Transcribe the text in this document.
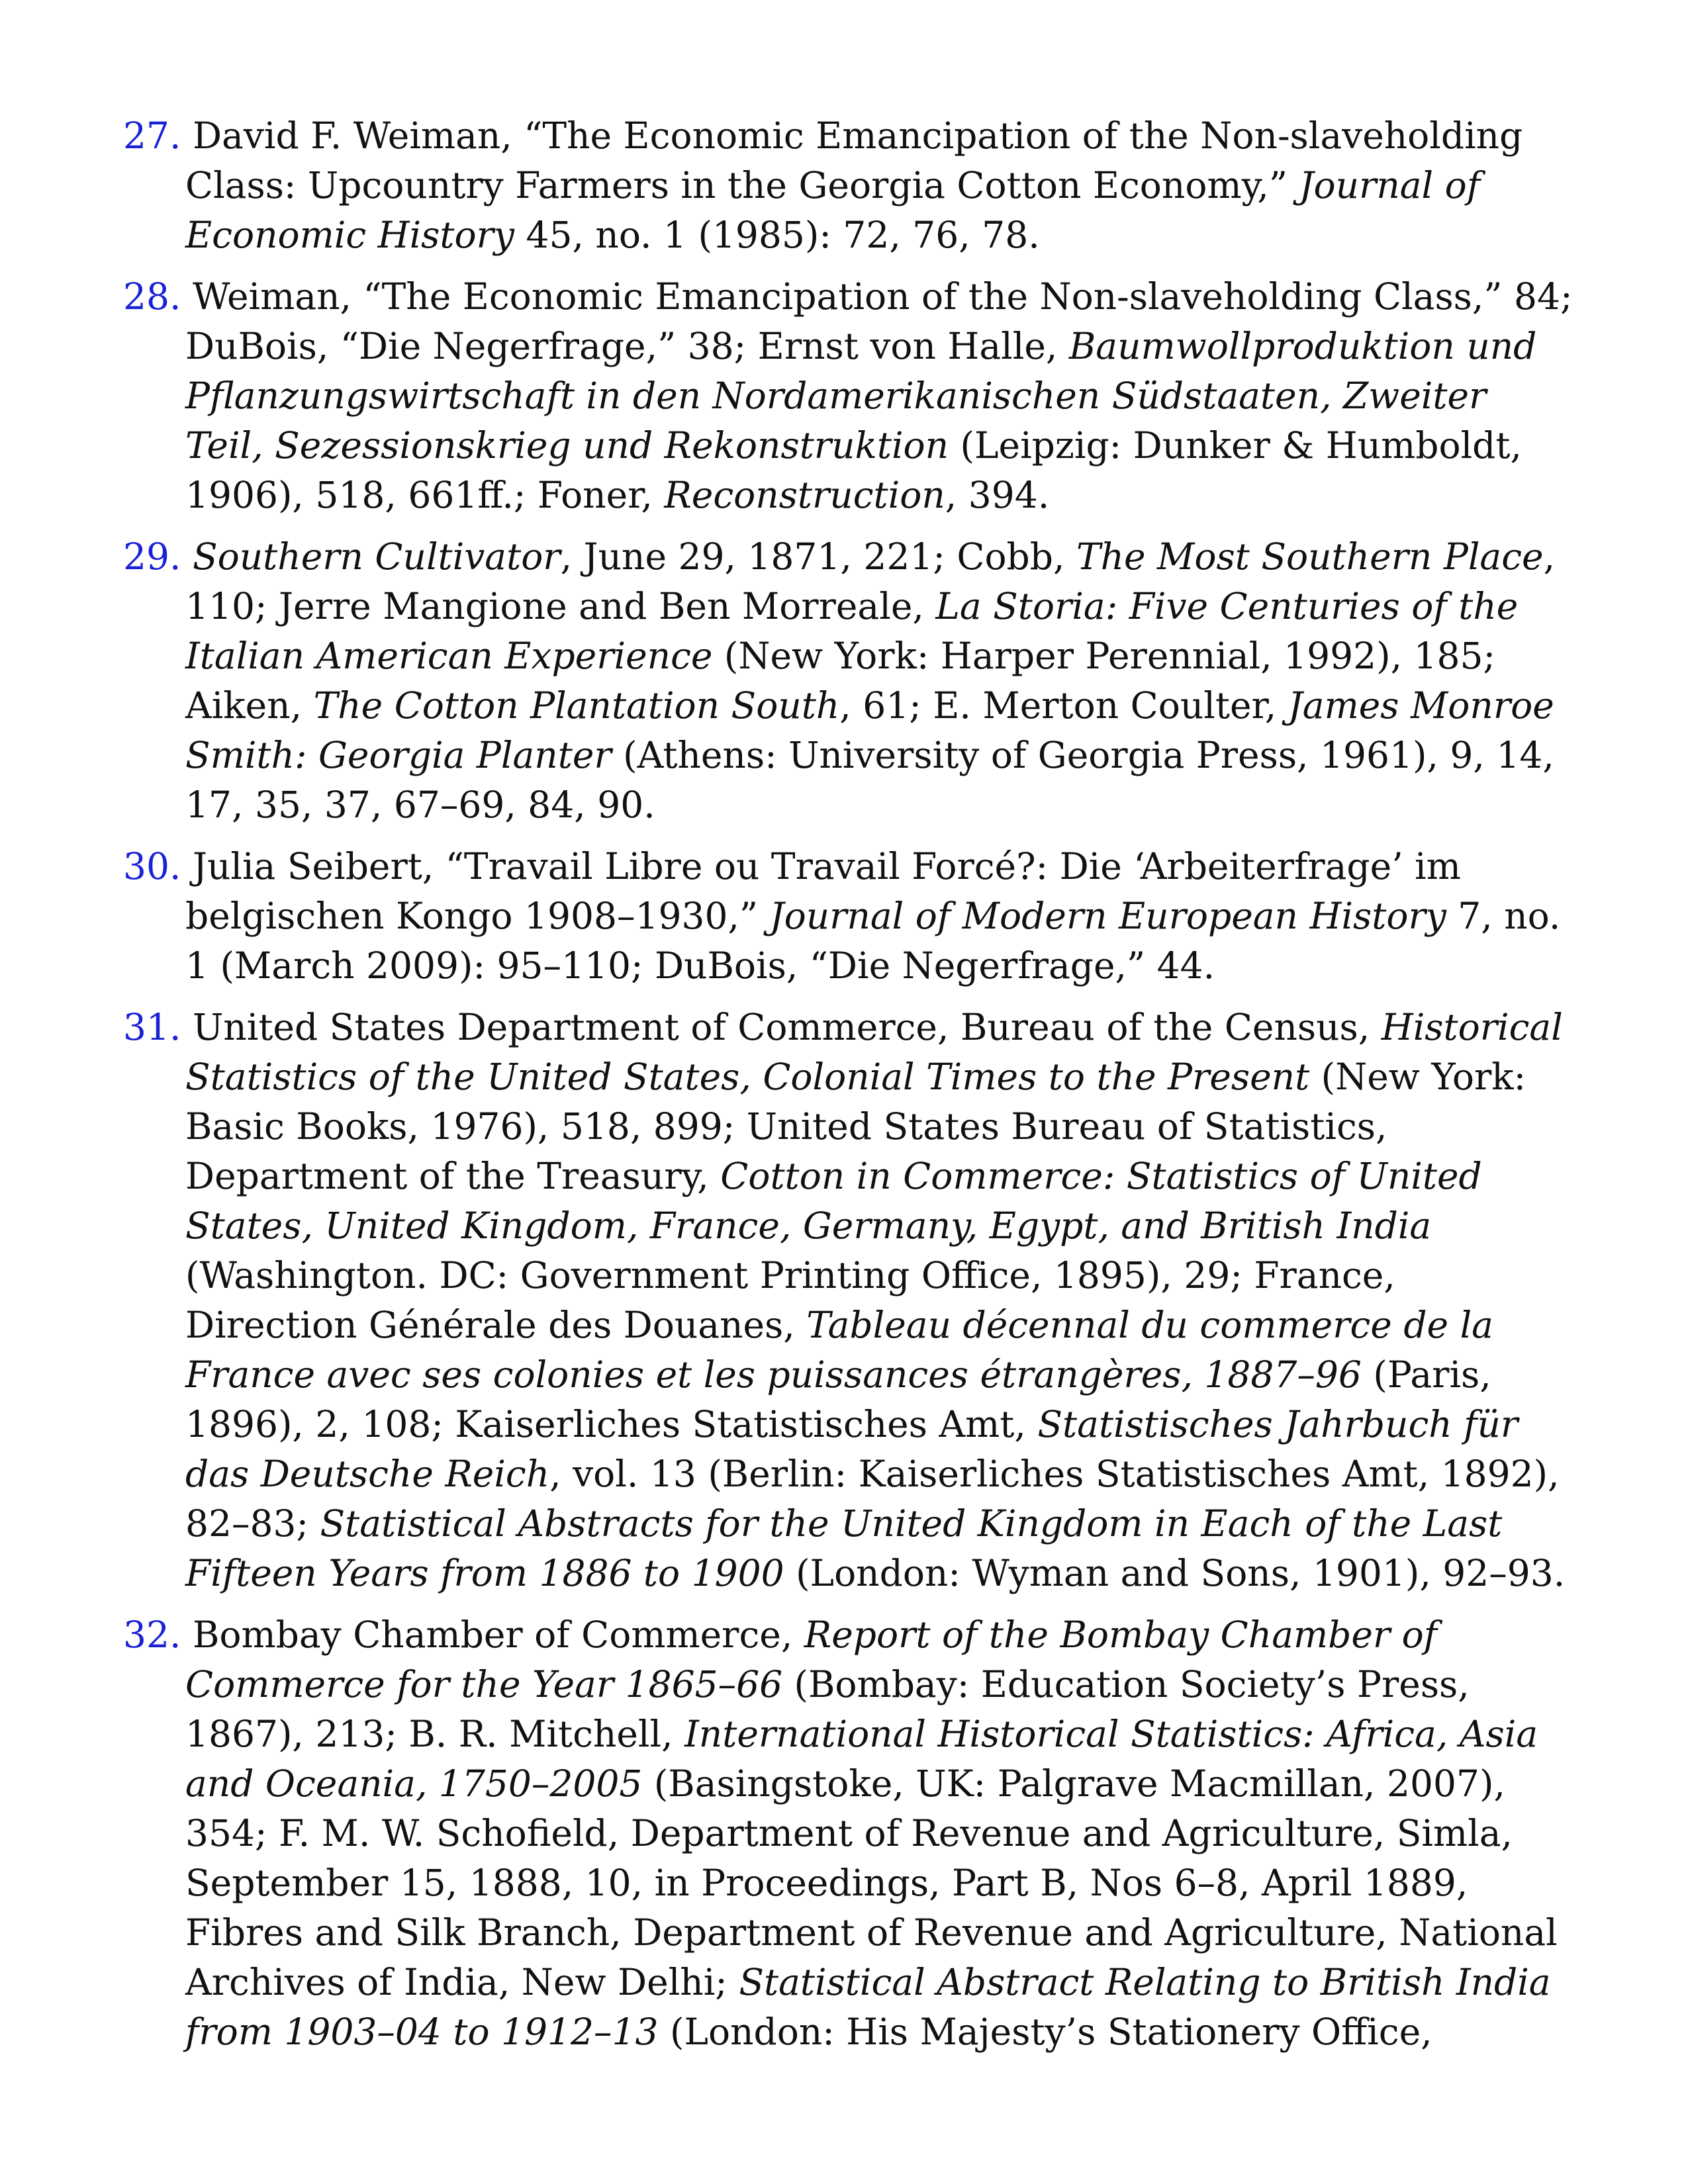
27. David F. Weiman, “The Economic Emancipation of the Non-slaveholding Class: Upcountry Farmers in the Georgia Cotton Economy,” Journal of Economic History 45, no. 1 (1985): 72, 76, 78.
28. Weiman, “The Economic Emancipation of the Non-slaveholding Class,” 84; DuBois, “Die Negerfrage,” 38; Ernst von Halle, Baumwollproduktion und Pflanzungswirtschaft in den Nordamerikanischen Südstaaten, Zweiter Teil, Sezessionskrieg und Rekonstruktion (Leipzig: Dunker & Humboldt, 1906), 518, 661ff.; Foner, Reconstruction, 394.
29. Southern Cultivator, June 29, 1871, 221; Cobb, The Most Southern Place, 110; Jerre Mangione and Ben Morreale, La Storia: Five Centuries of the Italian American Experience (New York: Harper Perennial, 1992), 185; Aiken, The Cotton Plantation South, 61; E. Merton Coulter, James Monroe Smith: Georgia Planter (Athens: University of Georgia Press, 1961), 9, 14, 17, 35, 37, 67–69, 84, 90.
30. Julia Seibert, “Travail Libre ou Travail Forcé?: Die ‘Arbeiterfrage’ im belgischen Kongo 1908–1930,” Journal of Modern European History 7, no. 1 (March 2009): 95–110; DuBois, “Die Negerfrage,” 44.
31. United States Department of Commerce, Bureau of the Census, Historical Statistics of the United States, Colonial Times to the Present (New York: Basic Books, 1976), 518, 899; United States Bureau of Statistics, Department of the Treasury, Cotton in Commerce: Statistics of United States, United Kingdom, France, Germany, Egypt, and British India (Washington. DC: Government Printing Office, 1895), 29; France, Direction Générale des Douanes, Tableau décennal du commerce de la France avec ses colonies et les puissances étrangères, 1887–96 (Paris, 1896), 2, 108; Kaiserliches Statistisches Amt, Statistisches Jahrbuch für das Deutsche Reich, vol. 13 (Berlin: Kaiserliches Statistisches Amt, 1892), 82–83; Statistical Abstracts for the United Kingdom in Each of the Last Fifteen Years from 1886 to 1900 (London: Wyman and Sons, 1901), 92–93.
32. Bombay Chamber of Commerce, Report of the Bombay Chamber of Commerce for the Year 1865–66 (Bombay: Education Society’s Press, 1867), 213; B. R. Mitchell, International Historical Statistics: Africa, Asia and Oceania, 1750–2005 (Basingstoke, UK: Palgrave Macmillan, 2007), 354; F. M. W. Schofield, Department of Revenue and Agriculture, Simla, September 15, 1888, 10, in Proceedings, Part B, Nos 6–8, April 1889, Fibres and Silk Branch, Department of Revenue and Agriculture, National Archives of India, New Delhi; Statistical Abstract Relating to British India from 1903–04 to 1912–13 (London: His Majesty’s Stationery Office,
